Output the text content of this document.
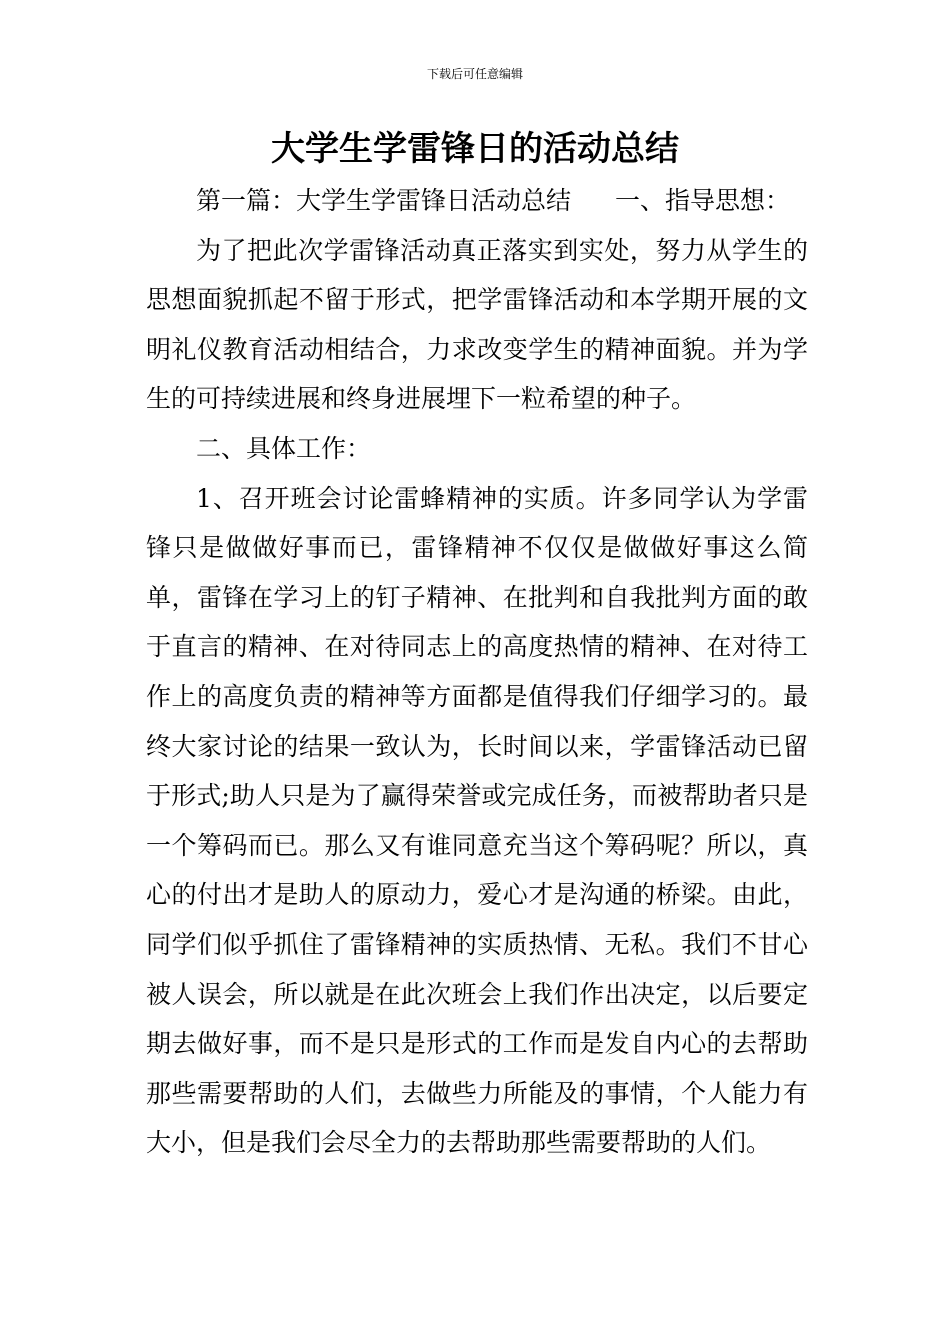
下载后可任意编辑
大学生学雷锋日的活动总结

第一篇：大学生学雷锋日活动总结 一、指导思想：

为了把此次学雷锋活动真正落实到实处，努力从学生的思想面貌抓起不留于形式，把学雷锋活动和本学期开展的文明礼仪教育活动相结合，力求改变学生的精神面貌。并为学生的可持续进展和终身进展埋下一粒希望的种子。

二、具体工作：

1、召开班会讨论雷蜂精神的实质。许多同学认为学雷锋只是做做好事而已，雷锋精神不仅仅是做做好事这么简单，雷锋在学习上的钉子精神、在批判和自我批判方面的敢于直言的精神、在对待同志上的高度热情的精神、在对待工作上的高度负责的精神等方面都是值得我们仔细学习的。最终大家讨论的结果一致认为，长时间以来，学雷锋活动已留于形式;助人只是为了赢得荣誉或完成任务，而被帮助者只是一个筹码而已。那么又有谁同意充当这个筹码呢？所以，真心的付出才是助人的原动力，爱心才是沟通的桥梁。由此，同学们似乎抓住了雷锋精神的实质热情、无私。我们不甘心被人误会，所以就是在此次班会上我们作出决定，以后要定期去做好事，而不是只是形式的工作而是发自内心的去帮助那些需要帮助的人们，去做些力所能及的事情，个人能力有大小，但是我们会尽全力的去帮助那些需要帮助的人们。
